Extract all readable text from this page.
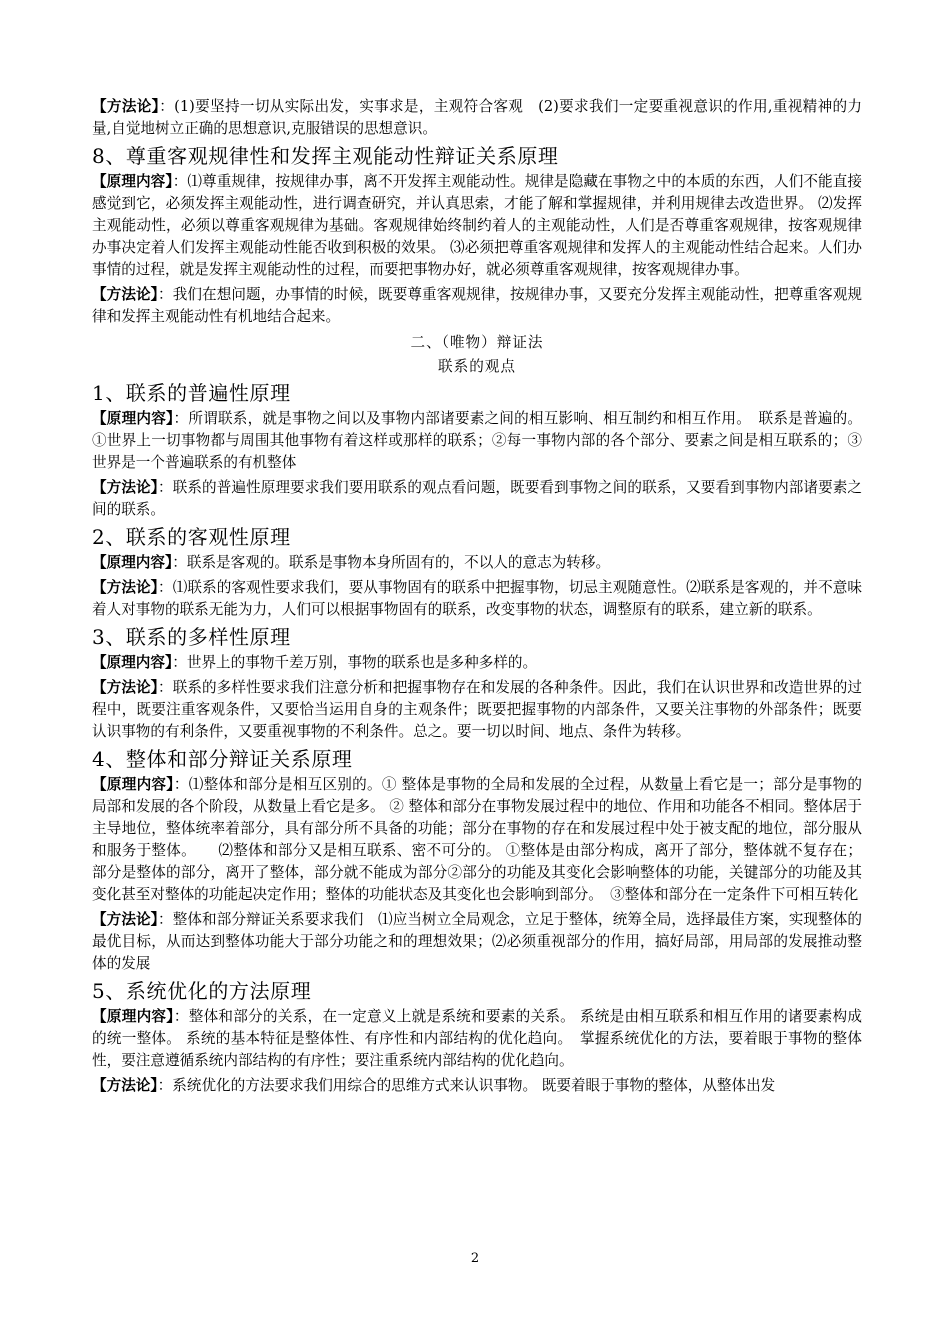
【方法论】：(1)要坚持一切从实际出发，实事求是，主观符合客观　(2)要求我们一定要重视意识的作用,重视精神的力量,自觉地树立正确的思想意识,克服错误的思想意识。

8、尊重客观规律性和发挥主观能动性辩证关系原理

【原理内容】：⑴尊重规律，按规律办事，离不开发挥主观能动性。规律是隐藏在事物之中的本质的东西，人们不能直接感觉到它，必须发挥主观能动性，进行调查研究，并认真思索，才能了解和掌握规律，并利用规律去改造世界。 ⑵发挥主观能动性，必须以尊重客观规律为基础。客观规律始终制约着人的主观能动性，人们是否尊重客观规律，按客观规律办事决定着人们发挥主观能动性能否收到积极的效果。 ⑶必须把尊重客观规律和发挥人的主观能动性结合起来。人们办事情的过程，就是发挥主观能动性的过程，而要把事物办好，就必须尊重客观规律，按客观规律办事。

【方法论】：我们在想问题，办事情的时候，既要尊重客观规律，按规律办事，又要充分发挥主观能动性，把尊重客观规律和发挥主观能动性有机地结合起来。

二、（唯物）辩证法
联系的观点
1、联系的普遍性原理

【原理内容】：所谓联系，就是事物之间以及事物内部诸要素之间的相互影响、相互制约和相互作用。　联系是普遍的。①世界上一切事物都与周围其他事物有着这样或那样的联系；②每一事物内部的各个部分、要素之间是相互联系的；③世界是一个普遍联系的有机整体

【方法论】：联系的普遍性原理要求我们要用联系的观点看问题，既要看到事物之间的联系，又要看到事物内部诸要素之间的联系。

2、联系的客观性原理

【原理内容】：联系是客观的。联系是事物本身所固有的，不以人的意志为转移。

【方法论】：⑴联系的客观性要求我们，要从事物固有的联系中把握事物，切忌主观随意性。⑵联系是客观的，并不意味着人对事物的联系无能为力，人们可以根据事物固有的联系，改变事物的状态，调整原有的联系，建立新的联系。

3、联系的多样性原理

【原理内容】：世界上的事物千差万别，事物的联系也是多种多样的。

【方法论】：联系的多样性要求我们注意分析和把握事物存在和发展的各种条件。因此，我们在认识世界和改造世界的过程中，既要注重客观条件，又要恰当运用自身的主观条件；既要把握事物的内部条件，又要关注事物的外部条件；既要认识事物的有利条件，又要重视事物的不利条件。总之。要一切以时间、地点、条件为转移。

4、整体和部分辩证关系原理

【原理内容】：⑴整体和部分是相互区别的。① 整体是事物的全局和发展的全过程，从数量上看它是一；部分是事物的局部和发展的各个阶段，从数量上看它是多。 ② 整体和部分在事物发展过程中的地位、作用和功能各不相同。整体居于主导地位，整体统率着部分，具有部分所不具备的功能；部分在事物的存在和发展过程中处于被支配的地位，部分服从和服务于整体。　　⑵整体和部分又是相互联系、密不可分的。 ①整体是由部分构成，离开了部分，整体就不复存在；部分是整体的部分，离开了整体，部分就不能成为部分②部分的功能及其变化会影响整体的功能，关键部分的功能及其变化甚至对整体的功能起决定作用；整体的功能状态及其变化也会影响到部分。　③整体和部分在一定条件下可相互转化

【方法论】：整体和部分辩证关系要求我们　⑴应当树立全局观念，立足于整体，统筹全局，选择最佳方案，实现整体的最优目标，从而达到整体功能大于部分功能之和的理想效果；⑵必须重视部分的作用，搞好局部，用局部的发展推动整体的发展

5、系统优化的方法原理

【原理内容】：整体和部分的关系，在一定意义上就是系统和要素的关系。 系统是由相互联系和相互作用的诸要素构成的统一整体。 系统的基本特征是整体性、有序性和内部结构的优化趋向。　掌握系统优化的方法，要着眼于事物的整体性，要注意遵循系统内部结构的有序性；要注重系统内部结构的优化趋向。

【方法论】：系统优化的方法要求我们用综合的思维方式来认识事物。 既要着眼于事物的整体，从整体出发

2
